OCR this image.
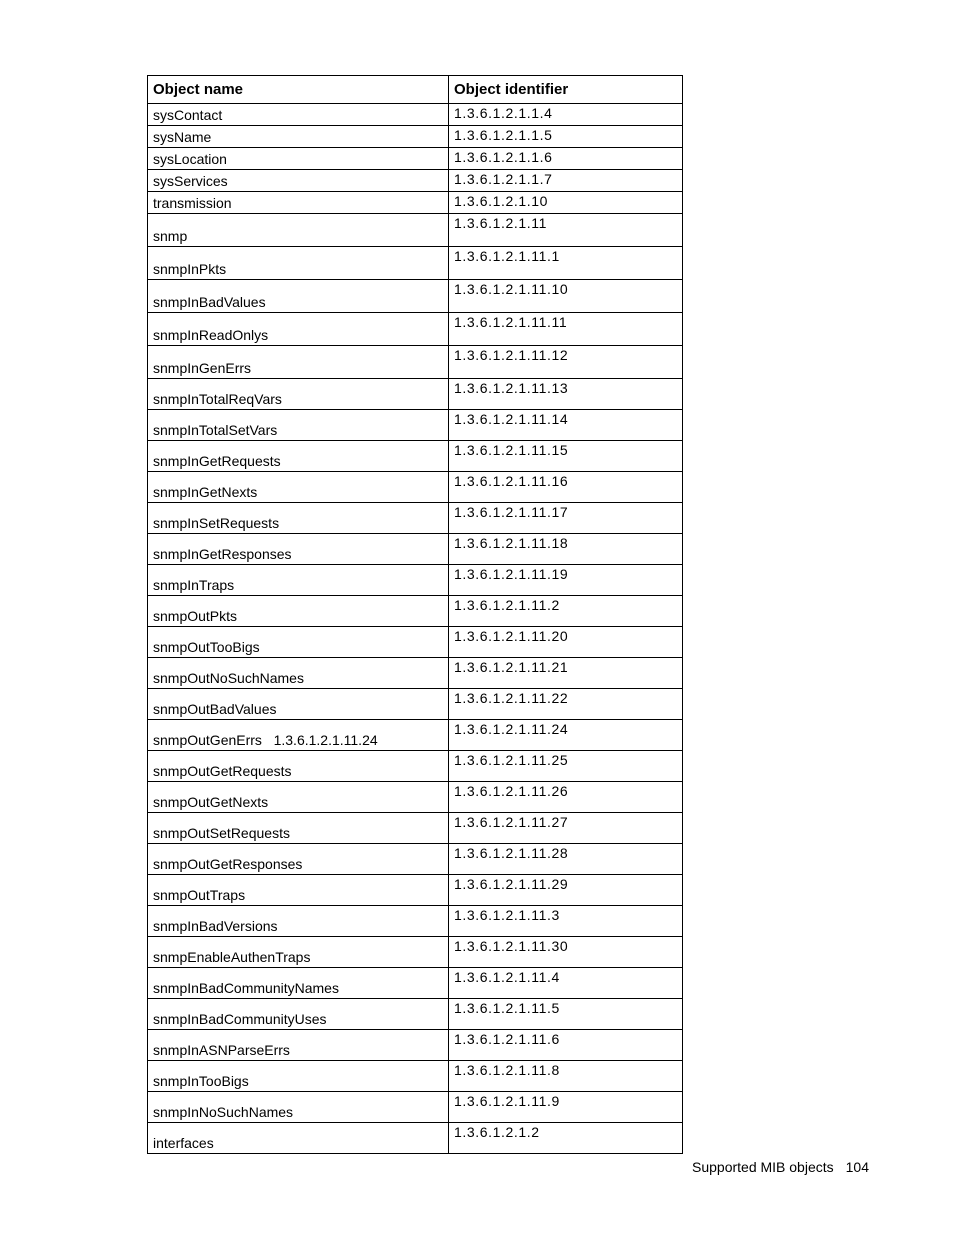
Object name	Object identifier
sysContact	1.3.6.1.2.1.1.4
sysName	1.3.6.1.2.1.1.5
sysLocation	1.3.6.1.2.1.1.6
sysServices	1.3.6.1.2.1.1.7
transmission	1.3.6.1.2.1.10
snmp	1.3.6.1.2.1.11
snmpInPkts	1.3.6.1.2.1.11.1
snmpInBadValues	1.3.6.1.2.1.11.10
snmpInReadOnlys	1.3.6.1.2.1.11.11
snmpInGenErrs	1.3.6.1.2.1.11.12
snmpInTotalReqVars	1.3.6.1.2.1.11.13
snmpInTotalSetVars	1.3.6.1.2.1.11.14
snmpInGetRequests	1.3.6.1.2.1.11.15
snmpInGetNexts	1.3.6.1.2.1.11.16
snmpInSetRequests	1.3.6.1.2.1.11.17
snmpInGetResponses	1.3.6.1.2.1.11.18
snmpInTraps	1.3.6.1.2.1.11.19
snmpOutPkts	1.3.6.1.2.1.11.2
snmpOutTooBigs	1.3.6.1.2.1.11.20
snmpOutNoSuchNames	1.3.6.1.2.1.11.21
snmpOutBadValues	1.3.6.1.2.1.11.22
snmpOutGenErrs   1.3.6.1.2.1.11.24	1.3.6.1.2.1.11.24
snmpOutGetRequests	1.3.6.1.2.1.11.25
snmpOutGetNexts	1.3.6.1.2.1.11.26
snmpOutSetRequests	1.3.6.1.2.1.11.27
snmpOutGetResponses	1.3.6.1.2.1.11.28
snmpOutTraps	1.3.6.1.2.1.11.29
snmpInBadVersions	1.3.6.1.2.1.11.3
snmpEnableAuthenTraps	1.3.6.1.2.1.11.30
snmpInBadCommunityNames	1.3.6.1.2.1.11.4
snmpInBadCommunityUses	1.3.6.1.2.1.11.5
snmpInASNParseErrs	1.3.6.1.2.1.11.6
snmpInTooBigs	1.3.6.1.2.1.11.8
snmpInNoSuchNames	1.3.6.1.2.1.11.9
interfaces	1.3.6.1.2.1.2
Supported MIB objects 104
